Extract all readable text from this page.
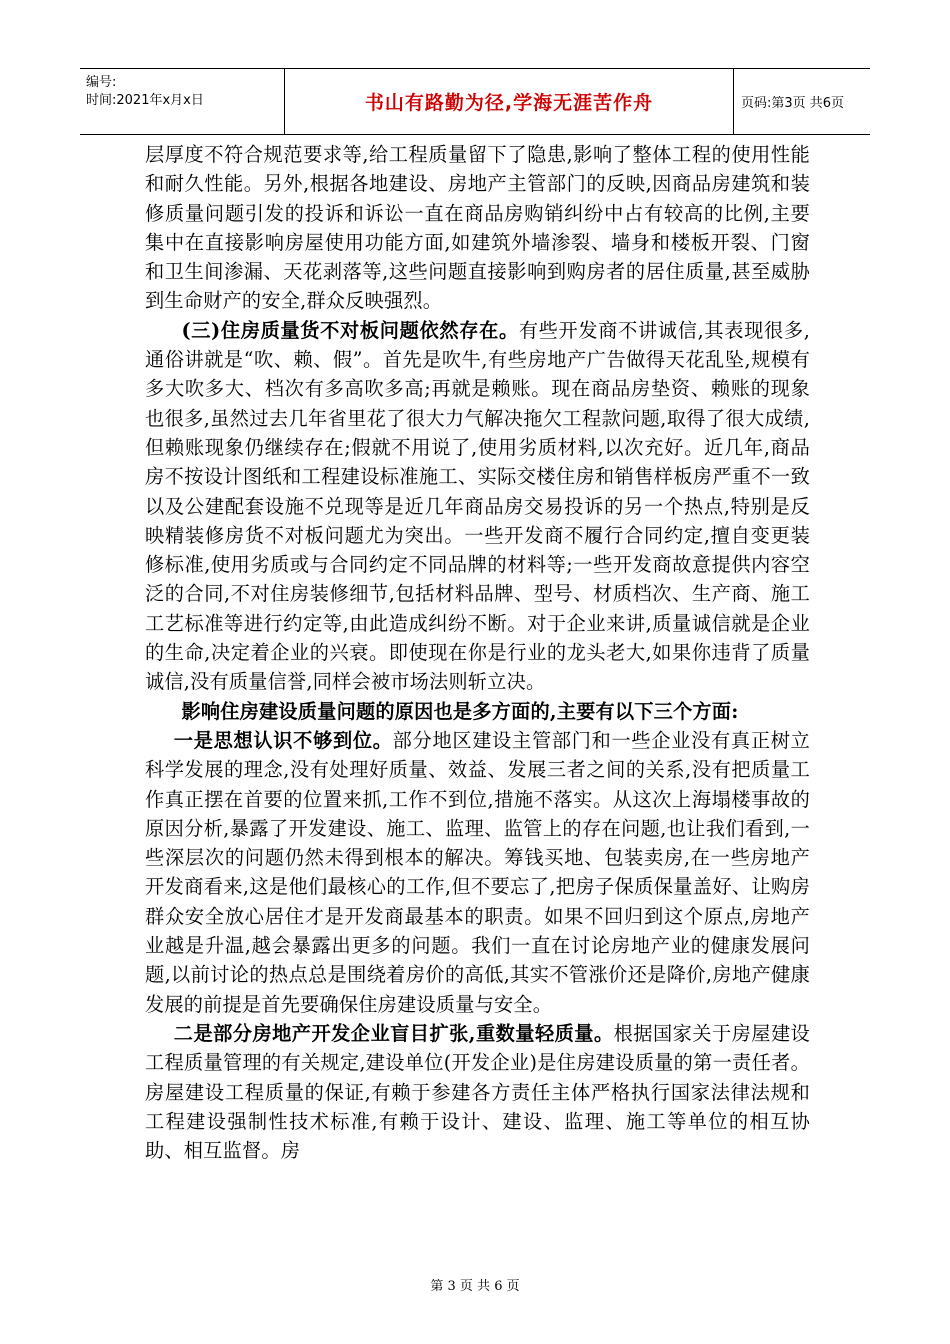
编号:
时间:2021年x月x日	书山有路勤为径,学海无涯苦作舟	页码:第3页 共6页

层厚度不符合规范要求等,给工程质量留下了隐患,影响了整体工程的使用性能和耐久性能。另外,根据各地建设、房地产主管部门的反映,因商品房建筑和装修质量问题引发的投诉和诉讼一直在商品房购销纠纷中占有较高的比例,主要集中在直接影响房屋使用功能方面,如建筑外墙渗裂、墙身和楼板开裂、门窗和卫生间渗漏、天花剥落等,这些问题直接影响到购房者的居住质量,甚至威胁到生命财产的安全,群众反映强烈。

(三)住房质量货不对板问题依然存在。有些开发商不讲诚信,其表现很多,通俗讲就是“吹、赖、假”。首先是吹牛,有些房地产广告做得天花乱坠,规模有多大吹多大、档次有多高吹多高;再就是赖账。现在商品房垫资、赖账的现象也很多,虽然过去几年省里花了很大力气解决拖欠工程款问题,取得了很大成绩,但赖账现象仍继续存在;假就不用说了,使用劣质材料,以次充好。近几年,商品房不按设计图纸和工程建设标准施工、实际交楼住房和销售样板房严重不一致以及公建配套设施不兑现等是近几年商品房交易投诉的另一个热点,特别是反映精装修房货不对板问题尤为突出。一些开发商不履行合同约定,擅自变更装修标准,使用劣质或与合同约定不同品牌的材料等;一些开发商故意提供内容空泛的合同,不对住房装修细节,包括材料品牌、型号、材质档次、生产商、施工工艺标准等进行约定等,由此造成纠纷不断。对于企业来讲,质量诚信就是企业的生命,决定着企业的兴衰。即使现在你是行业的龙头老大,如果你违背了质量诚信,没有质量信誉,同样会被市场法则斩立决。

影响住房建设质量问题的原因也是多方面的,主要有以下三个方面:

一是思想认识不够到位。部分地区建设主管部门和一些企业没有真正树立科学发展的理念,没有处理好质量、效益、发展三者之间的关系,没有把质量工作真正摆在首要的位置来抓,工作不到位,措施不落实。从这次上海塌楼事故的原因分析,暴露了开发建设、施工、监理、监管上的存在问题,也让我们看到,一些深层次的问题仍然未得到根本的解决。筹钱买地、包装卖房,在一些房地产开发商看来,这是他们最核心的工作,但不要忘了,把房子保质保量盖好、让购房群众安全放心居住才是开发商最基本的职责。如果不回归到这个原点,房地产业越是升温,越会暴露出更多的问题。我们一直在讨论房地产业的健康发展问题,以前讨论的热点总是围绕着房价的高低,其实不管涨价还是降价,房地产健康发展的前提是首先要确保住房建设质量与安全。

二是部分房地产开发企业盲目扩张,重数量轻质量。根据国家关于房屋建设工程质量管理的有关规定,建设单位(开发企业)是住房建设质量的第一责任者。房屋建设工程质量的保证,有赖于参建各方责任主体严格执行国家法律法规和工程建设强制性技术标准,有赖于设计、建设、监理、施工等单位的相互协助、相互监督。房

第 3 页 共 6 页
